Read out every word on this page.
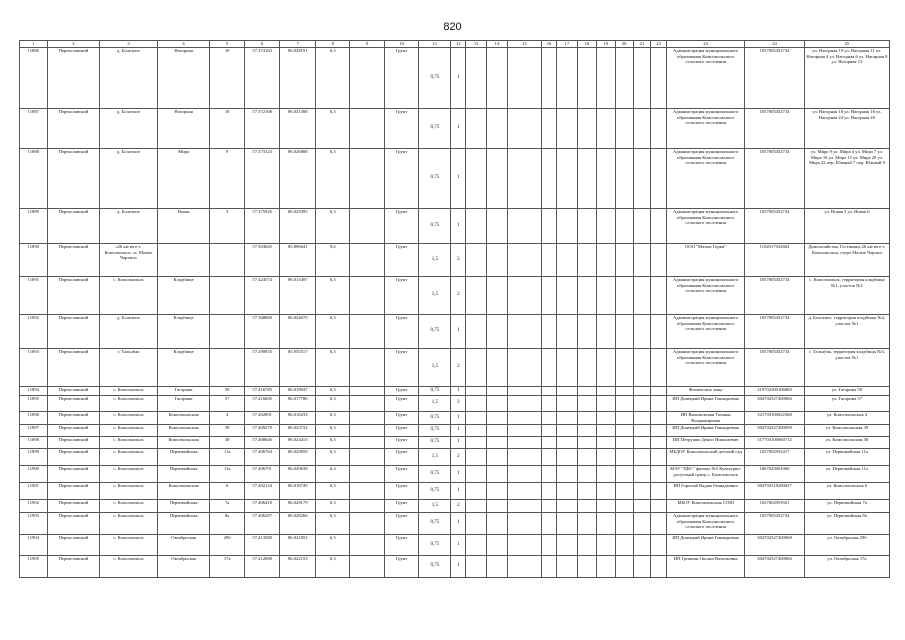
820
1	2	3	4	5	6	7	8	9	10	11	12	13	14	15	16	17	18	19	20	21	22	23	24	25
11886	Переяславский	д. Болотное	Нагорная	10	57.374163	86.028191	6,3		Грунт	0,75	1											Администрация муниципального образования Комсомольского сельского поселения	1057005452734	ул. Нагорная 19 ул. Нагорная 11 ул. Нагорная 4 ул. Нагорная 6 ул. Нагорная 8 ул. Нагорная 13
11887	Переяславский	д. Болотное	Нагорная	18	57.372168	86.031388	6,3		Грунт	0,75	1											Администрация муниципального образования Комсомольского сельского поселения	1057005452734	ул. Нагорная 18 ул. Нагорная 16 ул. Нагорная 24 ул. Нагорная 28
11888	Переяславский	д. Болотное	Мира	9	57.373123	86.026888	6,3		Грунт	0,75	1											Администрация муниципального образования Комсомольского сельского поселения	1057005452734	ул. Мира 9 ул. Мира 4 ул. Мира 7 ул. Мира 16 ул. Мира 15 ул. Мира 20 ул. Мира 22 пер. Южный 7 пер. Южный 9
11889	Переяславский	д. Болотное	Новая	3	57.375926	86.029395	6,3		Грунт	0,75	1											Администрация муниципального образования Комсомольского сельского поселения	1057005452734	ул. Новая 5 ул. Новая 6
11890	Переяславский	«20 км юго-з. Комсомольск, ст. Малые Чарташ»			57.503645	85.896641	9,6		Грунт	1,5	2											ООО "Малые Горки"	1102017032602	Домохозяйства, Гостиница 20 км юго-з. Комсомольск, озеро Малые Чарташ
11891	Переяславский	с. Комсомольск	Кладбище		57.424574	86.013497	6,3		Грунт	1,5	2											Администрация муниципального образования Комсомольского сельского поселения	1057005452734	с. Комсомольск, территория кладбища №1, участок №1
11892	Переяславский	д. Болотное	Кладбище		57.368860	86.024670	6,3		Грунт	0,75	1											Администрация муниципального образования Комсомольского сельского поселения	1057005452734	д. Болотное, территория кладбища №2, участок №1
11893	Переяславский	г. Тальцбак	Кладбище		57.290835	85.955517	6,3		Грунт	1,5	2											Администрация муниципального образования Комсомольского сельского поселения	1057005452734	г. Тальцбак, территория кладбища №3, участок №1
11894	Переяславский	с. Комсомольск	Гагарина	59	57.416785	86.018947	6,3		Грунт	0,75	1											Физическое лицо	319702500106800	ул. Гагарина 59
11895	Переяславский	с. Комсомольск	Гагарина	57	57.416605	86.017786	6,3		Грунт	1,5	2											ИП Донецкий Ирина Геннадьевна	304702527200066	ул. Гагарина 57
11896	Переяславский	с. Комсомольск	Комсомольская	4	57.402891	86.016233	6,3		Грунт	0,75	1											ИП Вильмовская Татьяна Владимировна	321703100022368	ул. Комсомольская 4
11897	Переяславский	с. Комсомольск	Комсомольская	39	57.409279	86.023732	6,3		Грунт	0,75	1											ИП Донецкий Ирина Геннадьевна	304702527200058	ул. Комсомольская 39
11898	Переяславский	с. Комсомольск	Комсомольская	38	57.408646	86.024413	6,3		Грунт	0,75	1											ИП Петрушко Денис Николаевич	317703100060712	ул. Комсомольская 38
11899	Переяславский	с. Комсомольск	Первомайская	11а	57.406764	86.029059	6,3		Грунт	1,5	2											МБДОУ Комсомольский детский сад	1027002953417	ул. Первомайская 11а
11900	Переяславский	с. Комсомольск	Первомайская	11а	57.406701	86.029639	6,3		Грунт	0,75	1											МАУ "ЦКС" филиал №5 Культурно-досуговый центр с. Комсомольск	1067025001060	ул. Первомайская 11а
11901	Переяславский	с. Комсомольск	Комсомольская	6	57.402124	86.016749	6,3		Грунт	0,75	1											ИП Горелый Вадим Геннадьевич	304702518200027	ул. Комсомольская 6
11902	Переяславский	с. Комсомольск	Первомайская	7а	57.406410	86.028179	6,3		Грунт	1,5	2											МБОУ Комсомольская СОШ	1027002953921	ул. Первомайская 7а
11903	Переяславский	с. Комсомольск	Первомайская	8а	57.406287	86.028266	6,3		Грунт	0,75	1											Администрация муниципального образования Комсомольского сельского поселения	1057005452734	ул. Первомайская 8а
11904	Переяславский	с. Комсомольск	Октябрьская	29б	57.413580	86.021853	6,3		Грунт	0,75	1											ИП Донецкий Ирина Геннадьевна	304702527200068	ул. Октябрьская 29б
11905	Переяславский	с. Комсомольск	Октябрьская	17а	57.412088	86.022153	6,3		Грунт	0,75	1											ИП Громкин Оксана Васильевна	304702527200066	ул. Октябрьская 17а
